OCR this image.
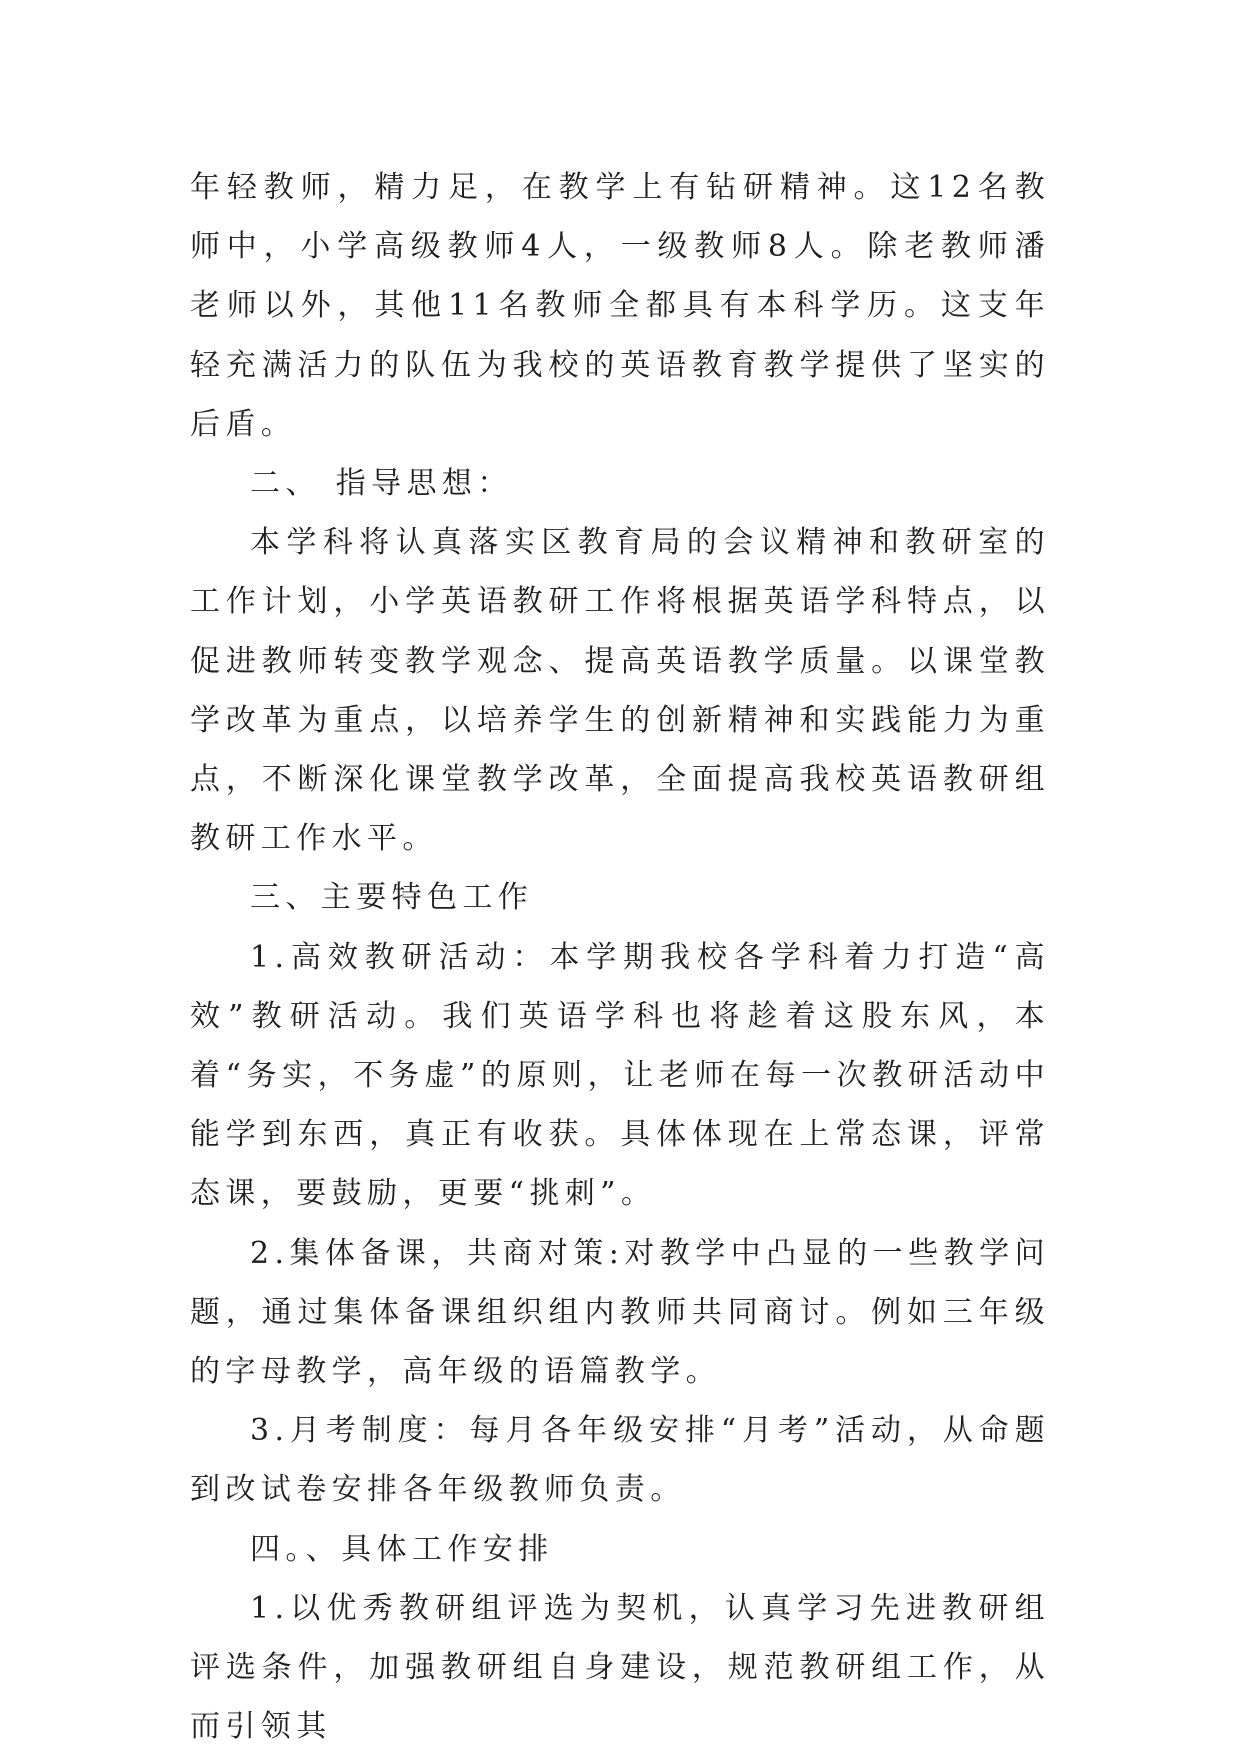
年轻教师，精力足，在教学上有钻研精神。这12名教师中，小学高级教师4人，一级教师8人。除老教师潘老师以外，其他11名教师全都具有本科学历。这支年轻充满活力的队伍为我校的英语教育教学提供了坚实的后盾。

二、 指导思想：

本学科将认真落实区教育局的会议精神和教研室的工作计划，小学英语教研工作将根据英语学科特点，以促进教师转变教学观念、提高英语教学质量。以课堂教学改革为重点，以培养学生的创新精神和实践能力为重点，不断深化课堂教学改革，全面提高我校英语教研组教研工作水平。

三、主要特色工作

1.高效教研活动：本学期我校各学科着力打造“高效”教研活动。我们英语学科也将趁着这股东风，本着“务实，不务虚”的原则，让老师在每一次教研活动中能学到东西，真正有收获。具体体现在上常态课，评常态课，要鼓励，更要“挑刺”。

2.集体备课，共商对策:对教学中凸显的一些教学问题，通过集体备课组织组内教师共同商讨。例如三年级的字母教学，高年级的语篇教学。

3.月考制度：每月各年级安排“月考”活动，从命题到改试卷安排各年级教师负责。

四。、具体工作安排

1.以优秀教研组评选为契机，认真学习先进教研组评选条件，加强教研组自身建设，规范教研组工作，从而引领其
